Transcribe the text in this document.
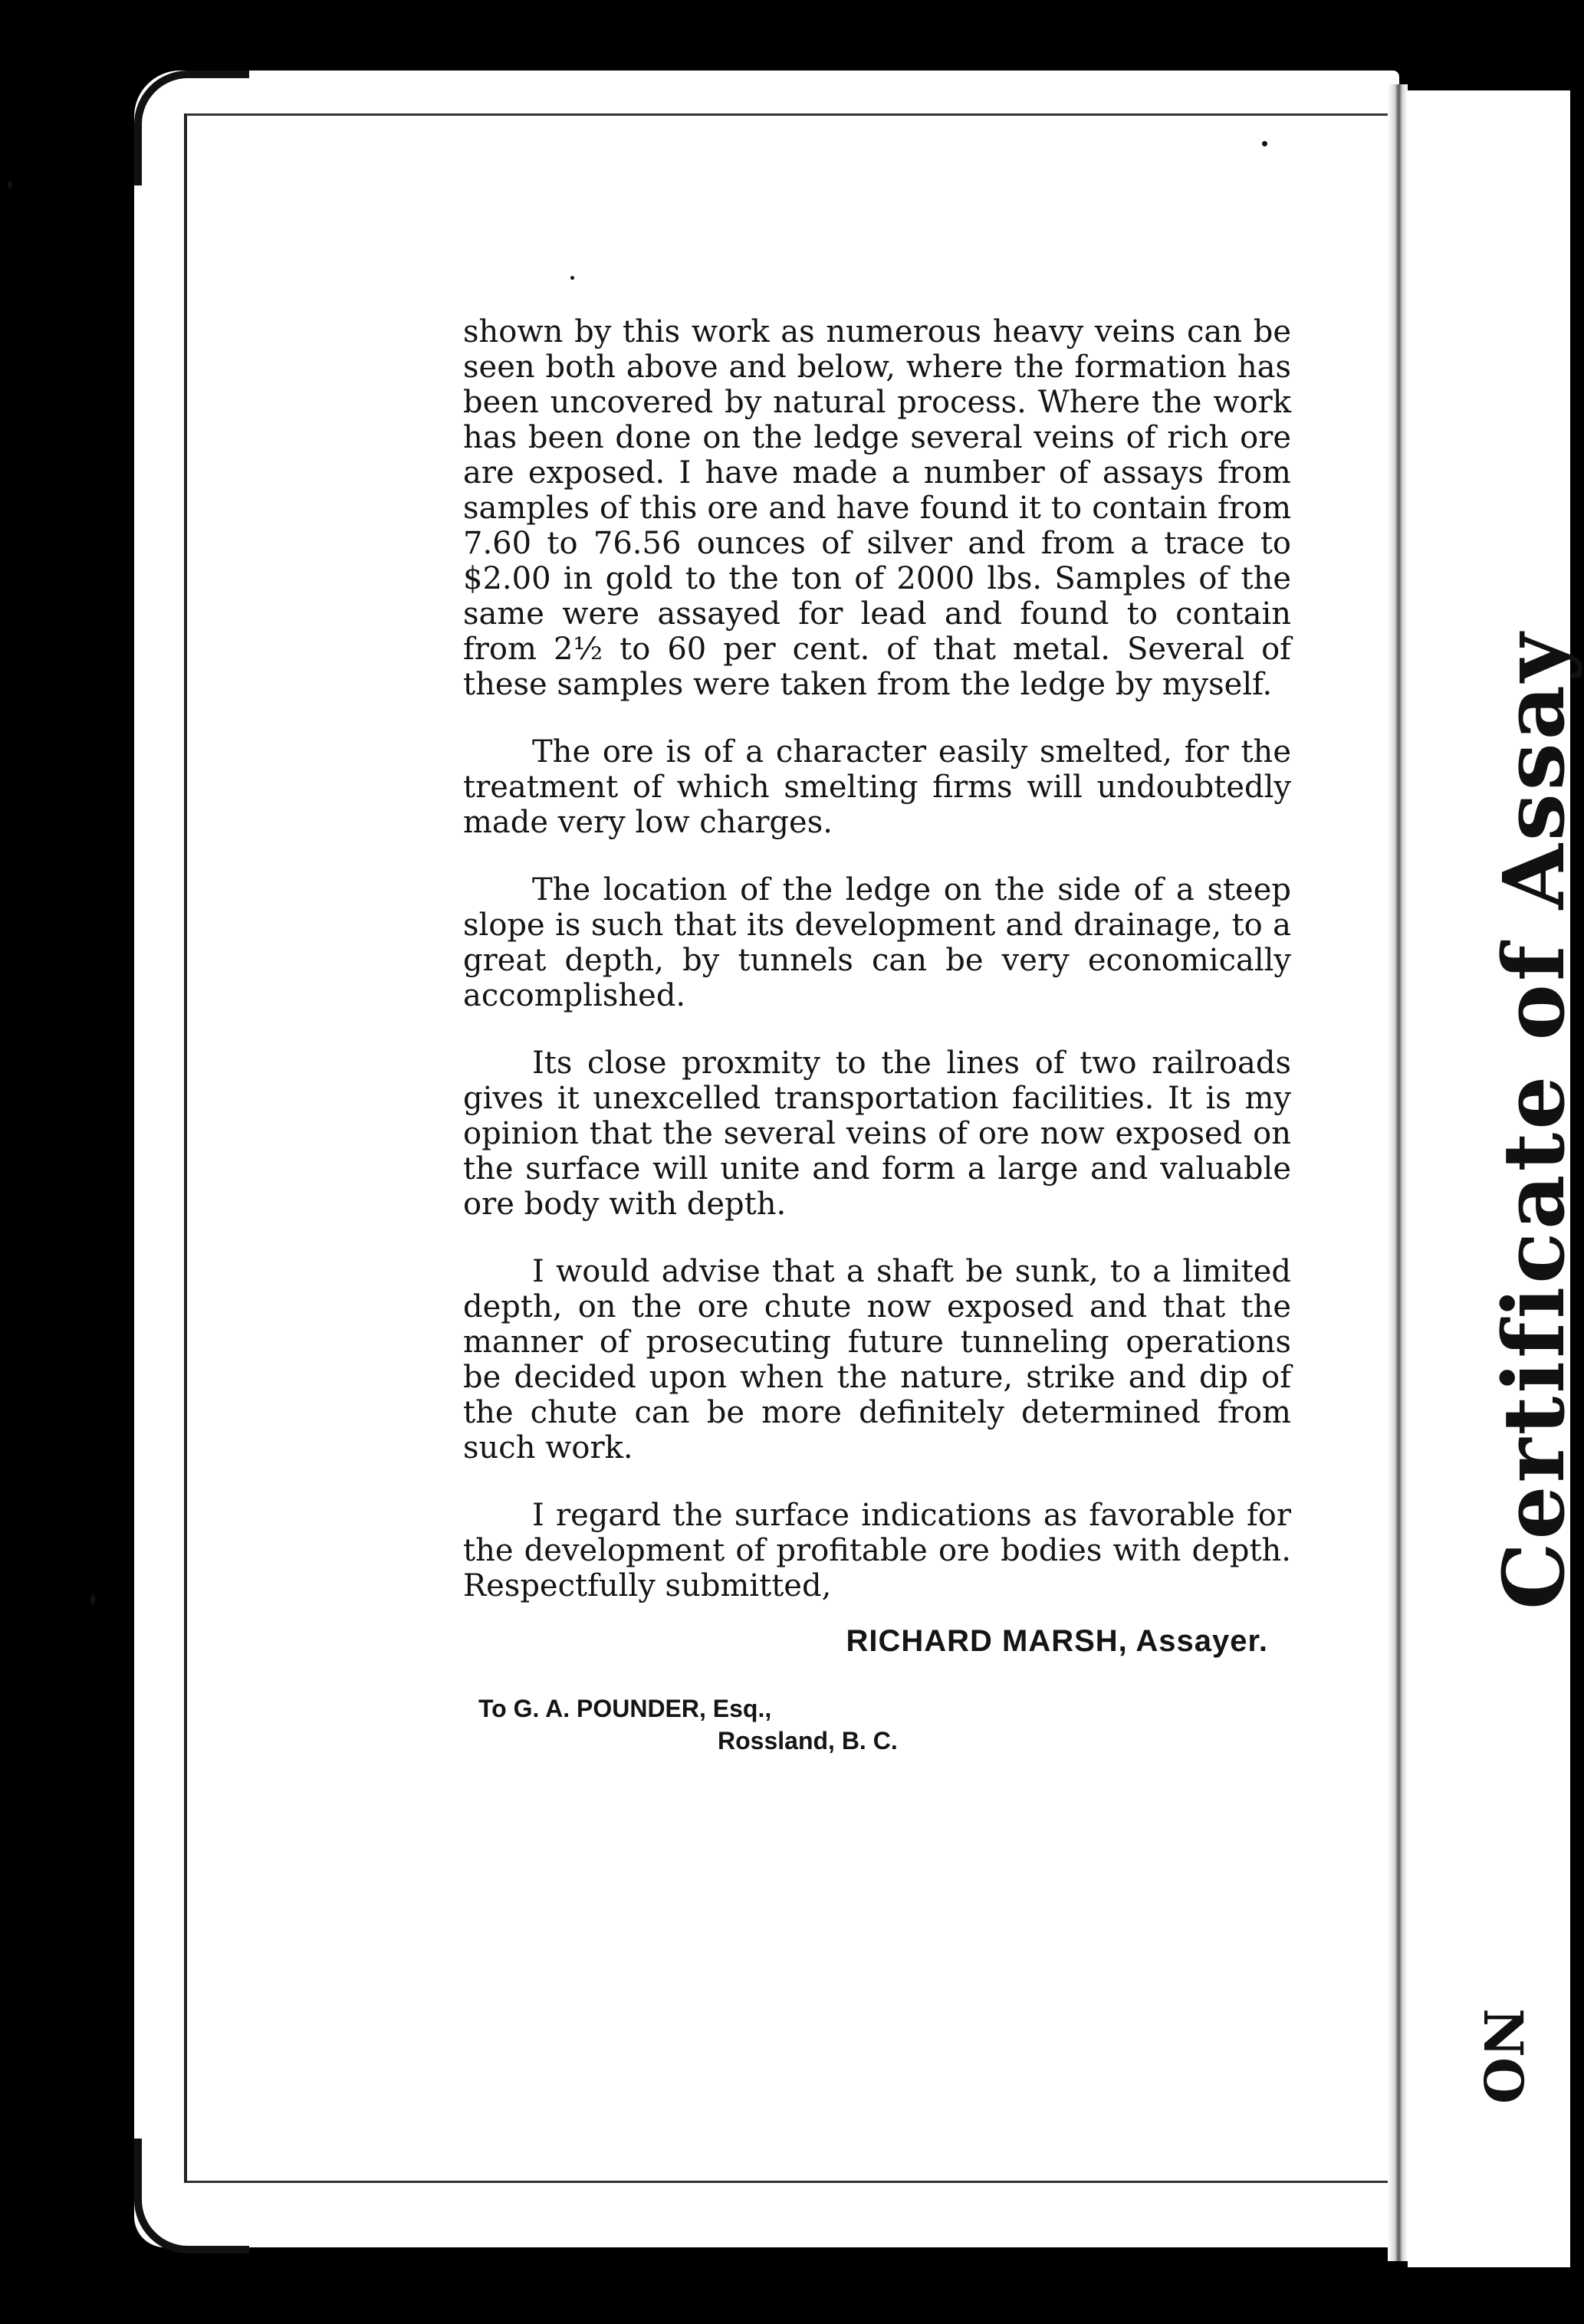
Certificate of Assay
NO

shown by this work as numerous heavy veins can be seen both above and below, where the formation has been uncovered by natural process. Where the work has been done on the ledge several veins of rich ore are exposed. I have made a number of assays from samples of this ore and have found it to contain from 7.60 to 76.56 ounces of silver and from a trace to $2.00 in gold to the ton of 2000 lbs. Samples of the same were assayed for lead and found to contain from 2½ to 60 per cent. of that metal. Several of these samples were taken from the ledge by myself.

The ore is of a character easily smelted, for the treatment of which smelting firms will undoubtedly made very low charges.

The location of the ledge on the side of a steep slope is such that its development and drainage, to a great depth, by tunnels can be very economically accomplished.

Its close proxmity to the lines of two railroads gives it unexcelled transportation facilities. It is my opinion that the several veins of ore now exposed on the surface will unite and form a large and valuable ore body with depth.

I would advise that a shaft be sunk, to a limited depth, on the ore chute now exposed and that the manner of prosecuting future tunneling operations be decided upon when the nature, strike and dip of the chute can be more definitely determined from such work.

I regard the surface indications as favorable for the development of profitable ore bodies with depth. Respectfully submitted,

RICHARD MARSH, Assayer.
To G. A. POUNDER, Esq.,
Rossland, B. C.
